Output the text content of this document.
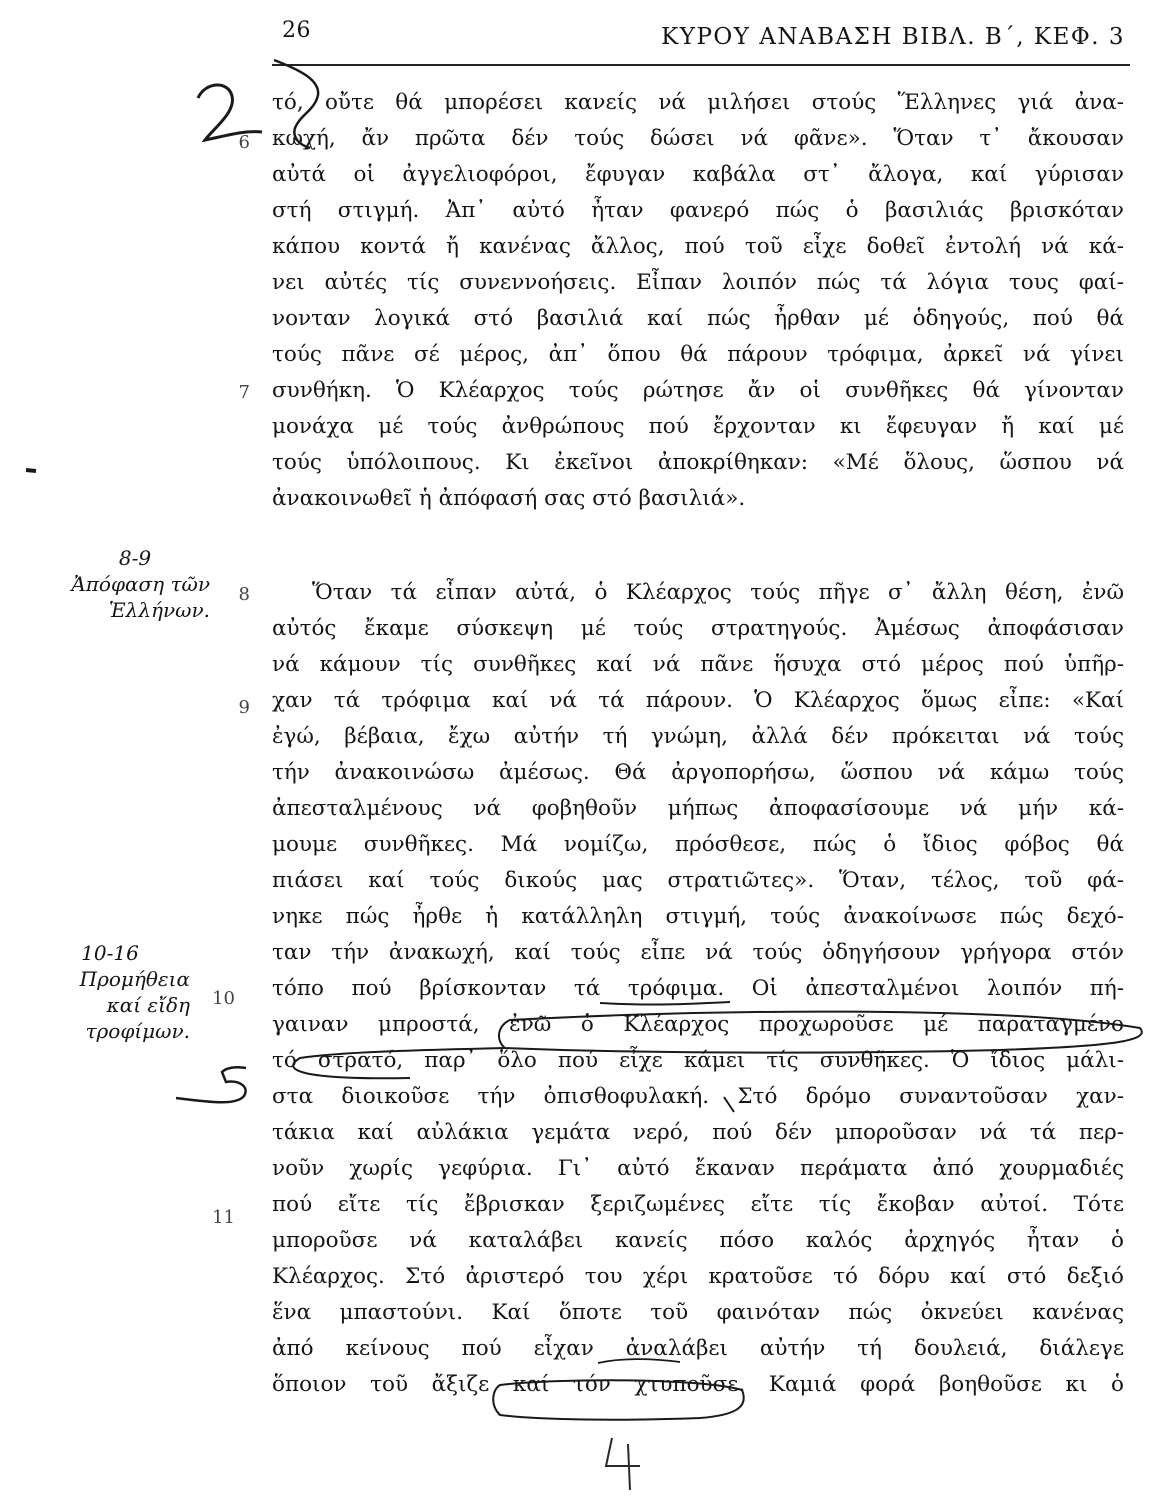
26	ΚΥΡΟΥ ΑΝΑΒΑΣΗ ΒΙΒΛ. Β΄, ΚΕΦ. 3
6
7
8
9
10
11
8-9
Ἀπόφαση τῶν Ἑλλήνων.
10-16
Προμήθεια καί εἴδη τροφίμων.
τό, οὔτε θά μπορέσει κανείς νά μιλήσει στούς Ἕλληνες γιά ἀνα-
κωχή, ἄν πρῶτα δέν τούς δώσει νά φᾶνε». Ὅταν τ᾽ ἄκουσαν
αὐτά οἱ ἀγγελιοφόροι, ἔφυγαν καβάλα στ᾽ ἄλογα, καί γύρισαν
στή στιγμή. Ἀπ᾽ αὐτό ἦταν φανερό πώς ὁ βασιλιάς βρισκόταν
κάπου κοντά ἤ κανένας ἄλλος, πού τοῦ εἶχε δοθεῖ ἐντολή νά κά-
νει αὐτές τίς συνεννοήσεις. Εἶπαν λοιπόν πώς τά λόγια τους φαί-
νονταν λογικά στό βασιλιά καί πώς ἦρθαν μέ ὁδηγούς, πού θά
τούς πᾶνε σέ μέρος, ἀπ᾽ ὅπου θά πάρουν τρόφιμα, ἀρκεῖ νά γίνει
συνθήκη. Ὁ Κλέαρχος τούς ρώτησε ἄν οἱ συνθῆκες θά γίνονταν
μονάχα μέ τούς ἀνθρώπους πού ἔρχονταν κι ἔφευγαν ἤ καί μέ
τούς ὑπόλοιπους. Κι ἐκεῖνοι ἀποκρίθηκαν: «Μέ ὅλους, ὥσπου νά
ἀνακοινωθεῖ ἡ ἀπόφασή σας στό βασιλιά».
Ὅταν τά εἶπαν αὐτά, ὁ Κλέαρχος τούς πῆγε σ᾽ ἄλλη θέση, ἐνῶ
αὐτός ἔκαμε σύσκεψη μέ τούς στρατηγούς. Ἀμέσως ἀποφάσισαν
νά κάμουν τίς συνθῆκες καί νά πᾶνε ἥσυχα στό μέρος πού ὑπῆρ-
χαν τά τρόφιμα καί νά τά πάρουν. Ὁ Κλέαρχος ὅμως εἶπε: «Καί
ἐγώ, βέβαια, ἔχω αὐτήν τή γνώμη, ἀλλά δέν πρόκειται νά τούς
τήν ἀνακοινώσω ἀμέσως. Θά ἀργοπορήσω, ὥσπου νά κάμω τούς
ἀπεσταλμένους νά φοβηθοῦν μήπως ἀποφασίσουμε νά μήν κά-
μουμε συνθῆκες. Μά νομίζω, πρόσθεσε, πώς ὁ ἴδιος φόβος θά
πιάσει καί τούς δικούς μας στρατιῶτες». Ὅταν, τέλος, τοῦ φά-
νηκε πώς ἦρθε ἡ κατάλληλη στιγμή, τούς ἀνακοίνωσε πώς δεχό-
ταν τήν ἀνακωχή, καί τούς εἶπε νά τούς ὁδηγήσουν γρήγορα στόν
τόπο πού βρίσκονταν τά τρόφιμα. Οἱ ἀπεσταλμένοι λοιπόν πή-
γαιναν μπροστά, ἐνῶ ὁ Κλέαρχος προχωροῦσε μέ παραταγμένο
τό στρατό, παρ᾽ ὅλο πού εἶχε κάμει τίς συνθῆκες. Ὁ ἴδιος μάλι-
στα διοικοῦσε τήν ὀπισθοφυλακή. Στό δρόμο συναντοῦσαν χαν-
τάκια καί αὐλάκια γεμάτα νερό, πού δέν μποροῦσαν νά τά περ-
νοῦν χωρίς γεφύρια. Γι᾽ αὐτό ἔκαναν περάματα ἀπό χουρμαδιές
πού εἴτε τίς ἔβρισκαν ξεριζωμένες εἴτε τίς ἔκοβαν αὐτοί. Τότε
μποροῦσε νά καταλάβει κανείς πόσο καλός ἀρχηγός ἦταν ὁ
Κλέαρχος. Στό ἀριστερό του χέρι κρατοῦσε τό δόρυ καί στό δεξιό
ἕνα μπαστούνι. Καί ὅποτε τοῦ φαινόταν πώς ὀκνεύει κανένας
ἀπό κείνους πού εἶχαν ἀναλάβει αὐτήν τή δουλειά, διάλεγε
ὅποιον τοῦ ἄξιζε καί τόν χτυποῦσε. Καμιά φορά βοηθοῦσε κι ὁ
